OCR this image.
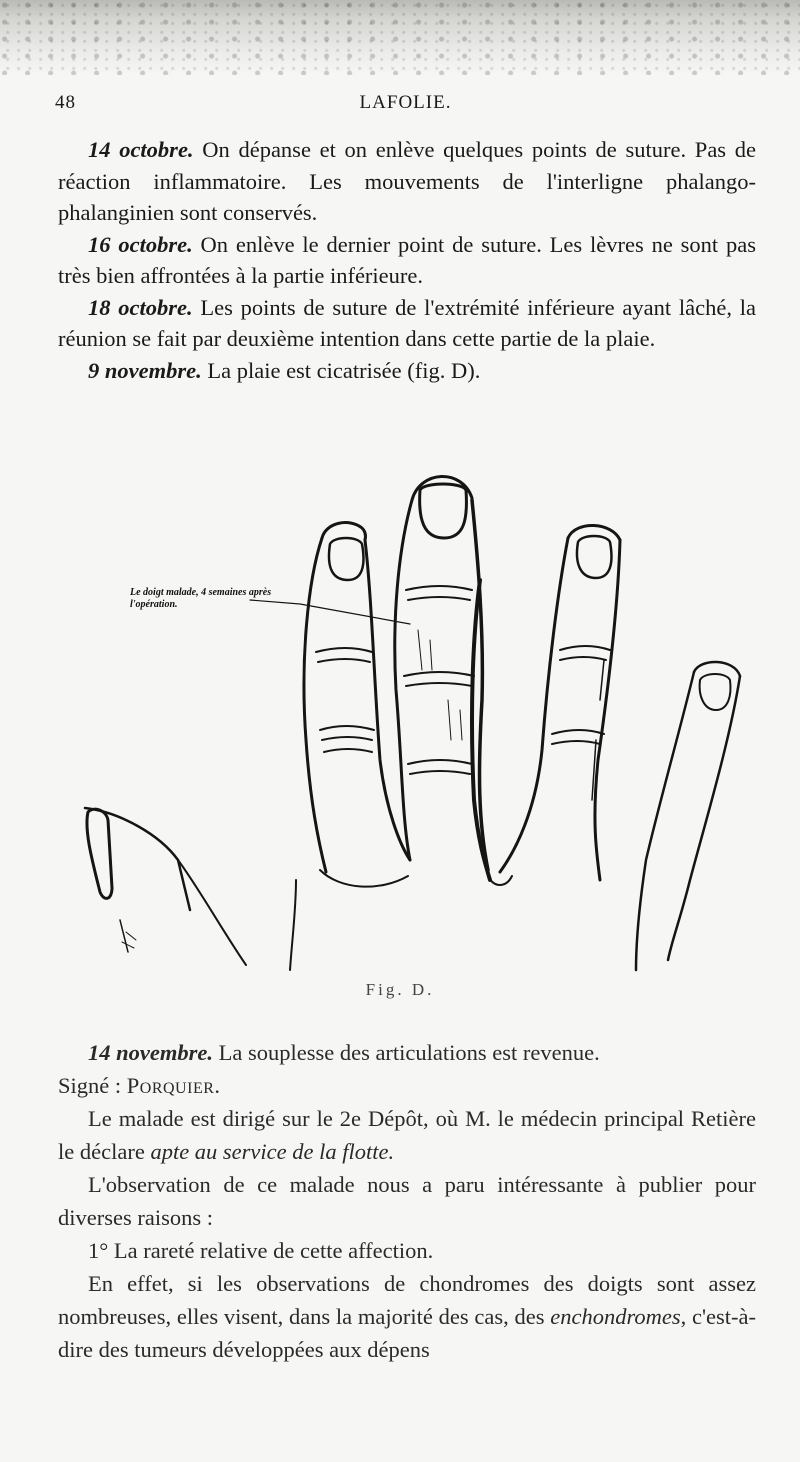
48	LAFOLIE.

14 octobre. On dépanse et on enlève quelques points de suture. Pas de réaction inflammatoire. Les mouvements de l'interligne phalango-phalanginien sont conservés.

16 octobre. On enlève le dernier point de suture. Les lèvres ne sont pas très bien affrontées à la partie inférieure.

18 octobre. Les points de suture de l'extrémité inférieure ayant lâché, la réunion se fait par deuxième intention dans cette partie de la plaie.

9 novembre. La plaie est cicatrisée (fig. D).

Le doigt malade, 4 semaines après l'opération.
Fig. D.

14 novembre. La souplesse des articulations est revenue.

Signé : Porquier.

Le malade est dirigé sur le 2e Dépôt, où M. le médecin principal Retière le déclare apte au service de la flotte.

L'observation de ce malade nous a paru intéressante à publier pour diverses raisons :

1° La rareté relative de cette affection.

En effet, si les observations de chondromes des doigts sont assez nombreuses, elles visent, dans la majorité des cas, des enchondromes, c'est-à-dire des tumeurs développées aux dépens
